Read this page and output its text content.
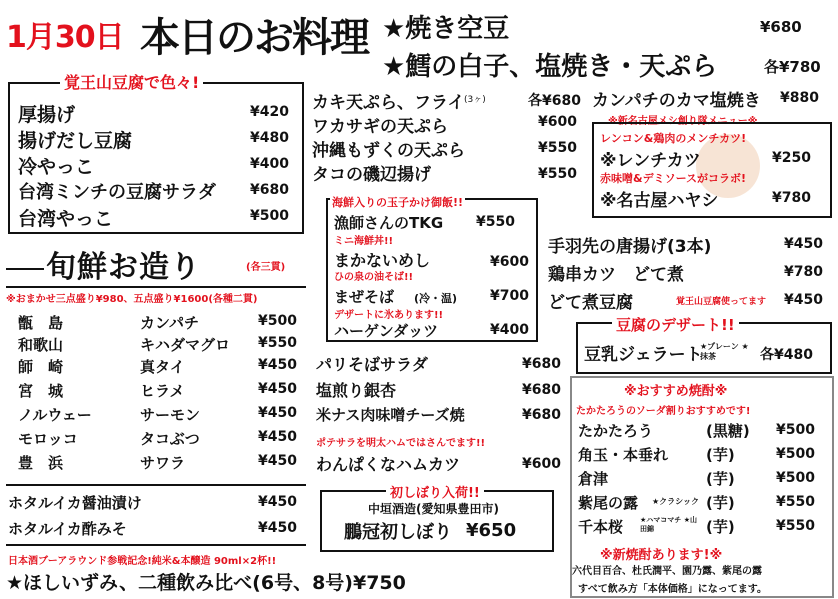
1月30日 本日のお料理 ★焼き空豆	¥680
★鱈の白子、塩焼き・天ぷら	各¥780
覚王山豆腐で色々!
厚揚げ	¥420
揚げだし豆腐	¥480
冷やっこ	¥400
台湾ミンチの豆腐サラダ ¥680
台湾やっこ	¥500
旬鮮お造り	(各三貫)
※おまかせ三点盛り¥980、五点盛り¥1600(各種二貫)
甑　島	カンパチ	¥500
和歌山	キハダマグロ ¥550
師　崎	真タイ	¥450
宮　城	ヒラメ	¥450
ノルウェー	サーモン	¥450
モロッコ	タコぶつ	¥450
豊　浜	サワラ	¥450
ホタルイカ醤油漬け	¥450
ホタルイカ酢みそ	¥450
日本酒ブーアラウンド参戦記念!純米&本醸造 90ml×2杯!!
★ほしいずみ、二種飲み比べ(6号、8号)¥750
カキ天ぷら、フライ (3ヶ)	各¥680
ワカサギの天ぷら	¥600
沖縄もずくの天ぷら	¥550
タコの磯辺揚げ	¥550
海鮮入りの玉子かけ御飯!!
漁師さんのTKG ¥550
ミニ海鮮丼!!
まかないめし	¥600
ひの泉の油そば!!
まぜそば (冷・温) ¥700
デザートに氷あります!!
ハーゲンダッツ	¥400
パリそばサラダ	¥680
塩煎り銀杏	¥680
米ナス肉味噌チーズ焼	¥680
ポテサラを明太ハムではさんでます!!
わんぱくなハムカツ	¥600
初しぼり入荷!!
中垣酒造(愛知県豊田市)
鵬冠初しぼり ¥650
カンパチのカマ塩焼き ¥880
※新名古屋メシ創り隊メニュー※
レンコン&鶏肉のメンチカツ!
※レンチカツ	¥250
赤味噌&デミソースがコラボ!
※名古屋ハヤシ	¥780
手羽先の唐揚げ(3本)	¥450
鶏串カツ　どて煮	¥780
どて煮豆腐	覚王山豆腐使ってます ¥450
豆腐のデザート!!
豆乳ジェラート
★プレーン ★抹茶	各¥480
※おすすめ焼酎※
たかたろうのソーダ割りおすすめです!
たかたろう	(黒糖) ¥500
角玉・本垂れ	(芋)	¥500
倉津	(芋)	¥500
紫尾の露 ★クラシック (芋)	¥550
千本桜 ★ハマコマチ ★山田錦	(芋)	¥550
※新焼酎あります!※
六代目百合、杜氏潤平、園乃露、紫尾の露
すべて飲み方「本体価格」になってます。
